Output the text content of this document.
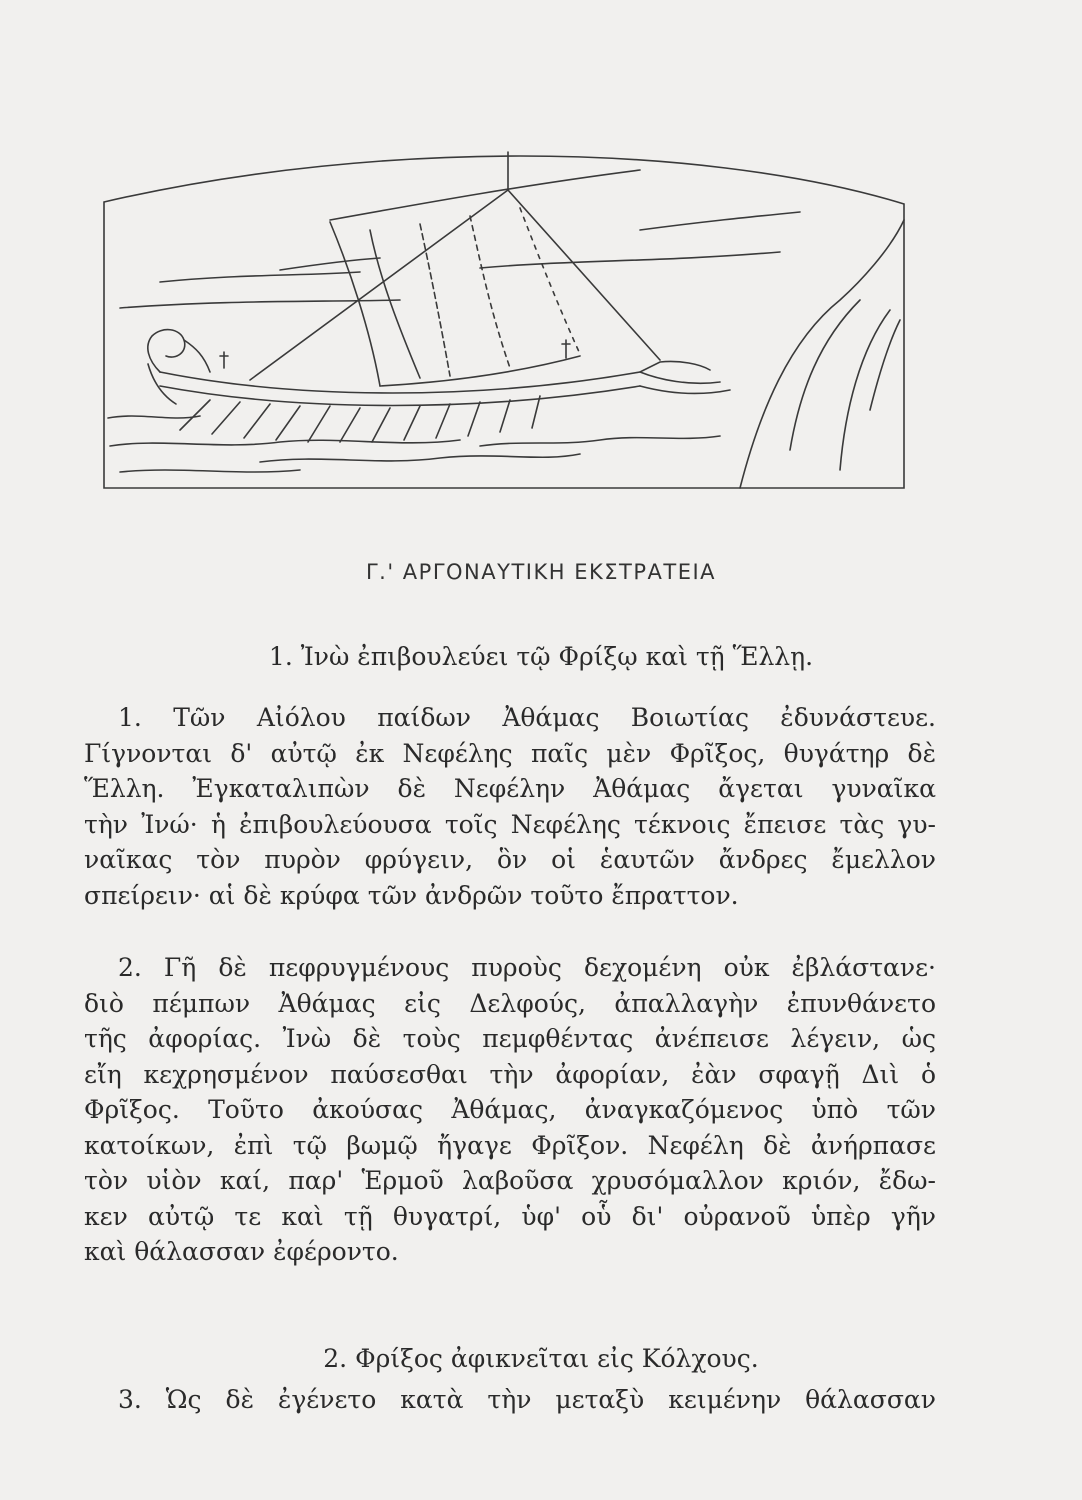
Γ.' ΑΡΓΟΝΑΥΤΙΚΗ ΕΚΣΤΡΑΤΕΙΑ
1. Ἰνὼ ἐπιβουλεύει τῷ Φρίξῳ καὶ τῇ Ἕλλῃ.
1. Τῶν Αἰόλου παίδων Ἀθάμας Βοιωτίας ἐδυνάστευε.
Γίγνονται δ' αὐτῷ ἐκ Νεφέλης παῖς μὲν Φρῖξος, θυγάτηρ δὲ
Ἕλλη. Ἐγκαταλιπὼν δὲ Νεφέλην Ἀθάμας ἄγεται γυναῖκα
τὴν Ἰνώ· ἡ ἐπιβουλεύουσα τοῖς Νεφέλης τέκνοις ἔπεισε τὰς γυ-
ναῖκας τὸν πυρὸν φρύγειν, ὃν οἱ ἑαυτῶν ἄνδρες ἔμελλον
σπείρειν· αἱ δὲ κρύφα τῶν ἀνδρῶν τοῦτο ἔπραττον.
2. Γῆ δὲ πεφρυγμένους πυροὺς δεχομένη οὐκ ἐβλάστανε·
διὸ πέμπων Ἀθάμας εἰς Δελφούς, ἀπαλλαγὴν ἐπυνθάνετο
τῆς ἀφορίας. Ἰνὼ δὲ τοὺς πεμφθέντας ἀνέπεισε λέγειν, ὡς
εἴη κεχρησμένον παύσεσθαι τὴν ἀφορίαν, ἐὰν σφαγῇ Διὶ ὁ
Φρῖξος. Τοῦτο ἀκούσας Ἀθάμας, ἀναγκαζόμενος ὑπὸ τῶν
κατοίκων, ἐπὶ τῷ βωμῷ ἤγαγε Φρῖξον. Νεφέλη δὲ ἀνήρπασε
τὸν υἱὸν καί, παρ' Ἑρμοῦ λαβοῦσα χρυσόμαλλον κριόν, ἔδω-
κεν αὐτῷ τε καὶ τῇ θυγατρί, ὑφ' οὗ δι' οὐρανοῦ ὑπὲρ γῆν
καὶ θάλασσαν ἐφέροντο.
2. Φρίξος ἀφικνεῖται εἰς Κόλχους.
3. Ὡς δὲ ἐγένετο κατὰ τὴν μεταξὺ κειμένην θάλασσαν
